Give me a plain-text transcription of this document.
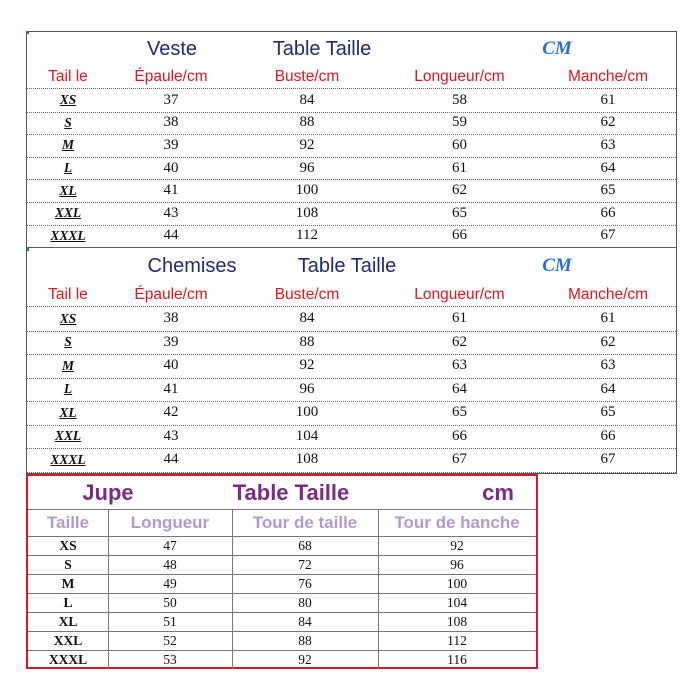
Veste	Table Taille	CM
Tail le	Épaule/cm	Buste/cm	Longueur/cm	Manche/cm
XS	37	84	58	61
S	38	88	59	62
M	39	92	60	63
L	40	96	61	64
XL	41	100	62	65
XXL	43	108	65	66
XXXL	44	112	66	67
Chemises	Table Taille	CM
Tail le	Épaule/cm	Buste/cm	Longueur/cm	Manche/cm
XS	38	84	61	61
S	39	88	62	62
M	40	92	63	63
L	41	96	64	64
XL	42	100	65	65
XXL	43	104	66	66
XXXL	44	108	67	67
Jupe	Table Taille	cm
Taille	Longueur	Tour de taille	Tour de hanche
XS	47	68	92
S	48	72	96
M	49	76	100
L	50	80	104
XL	51	84	108
XXL	52	88	112
XXXL	53	92	116
